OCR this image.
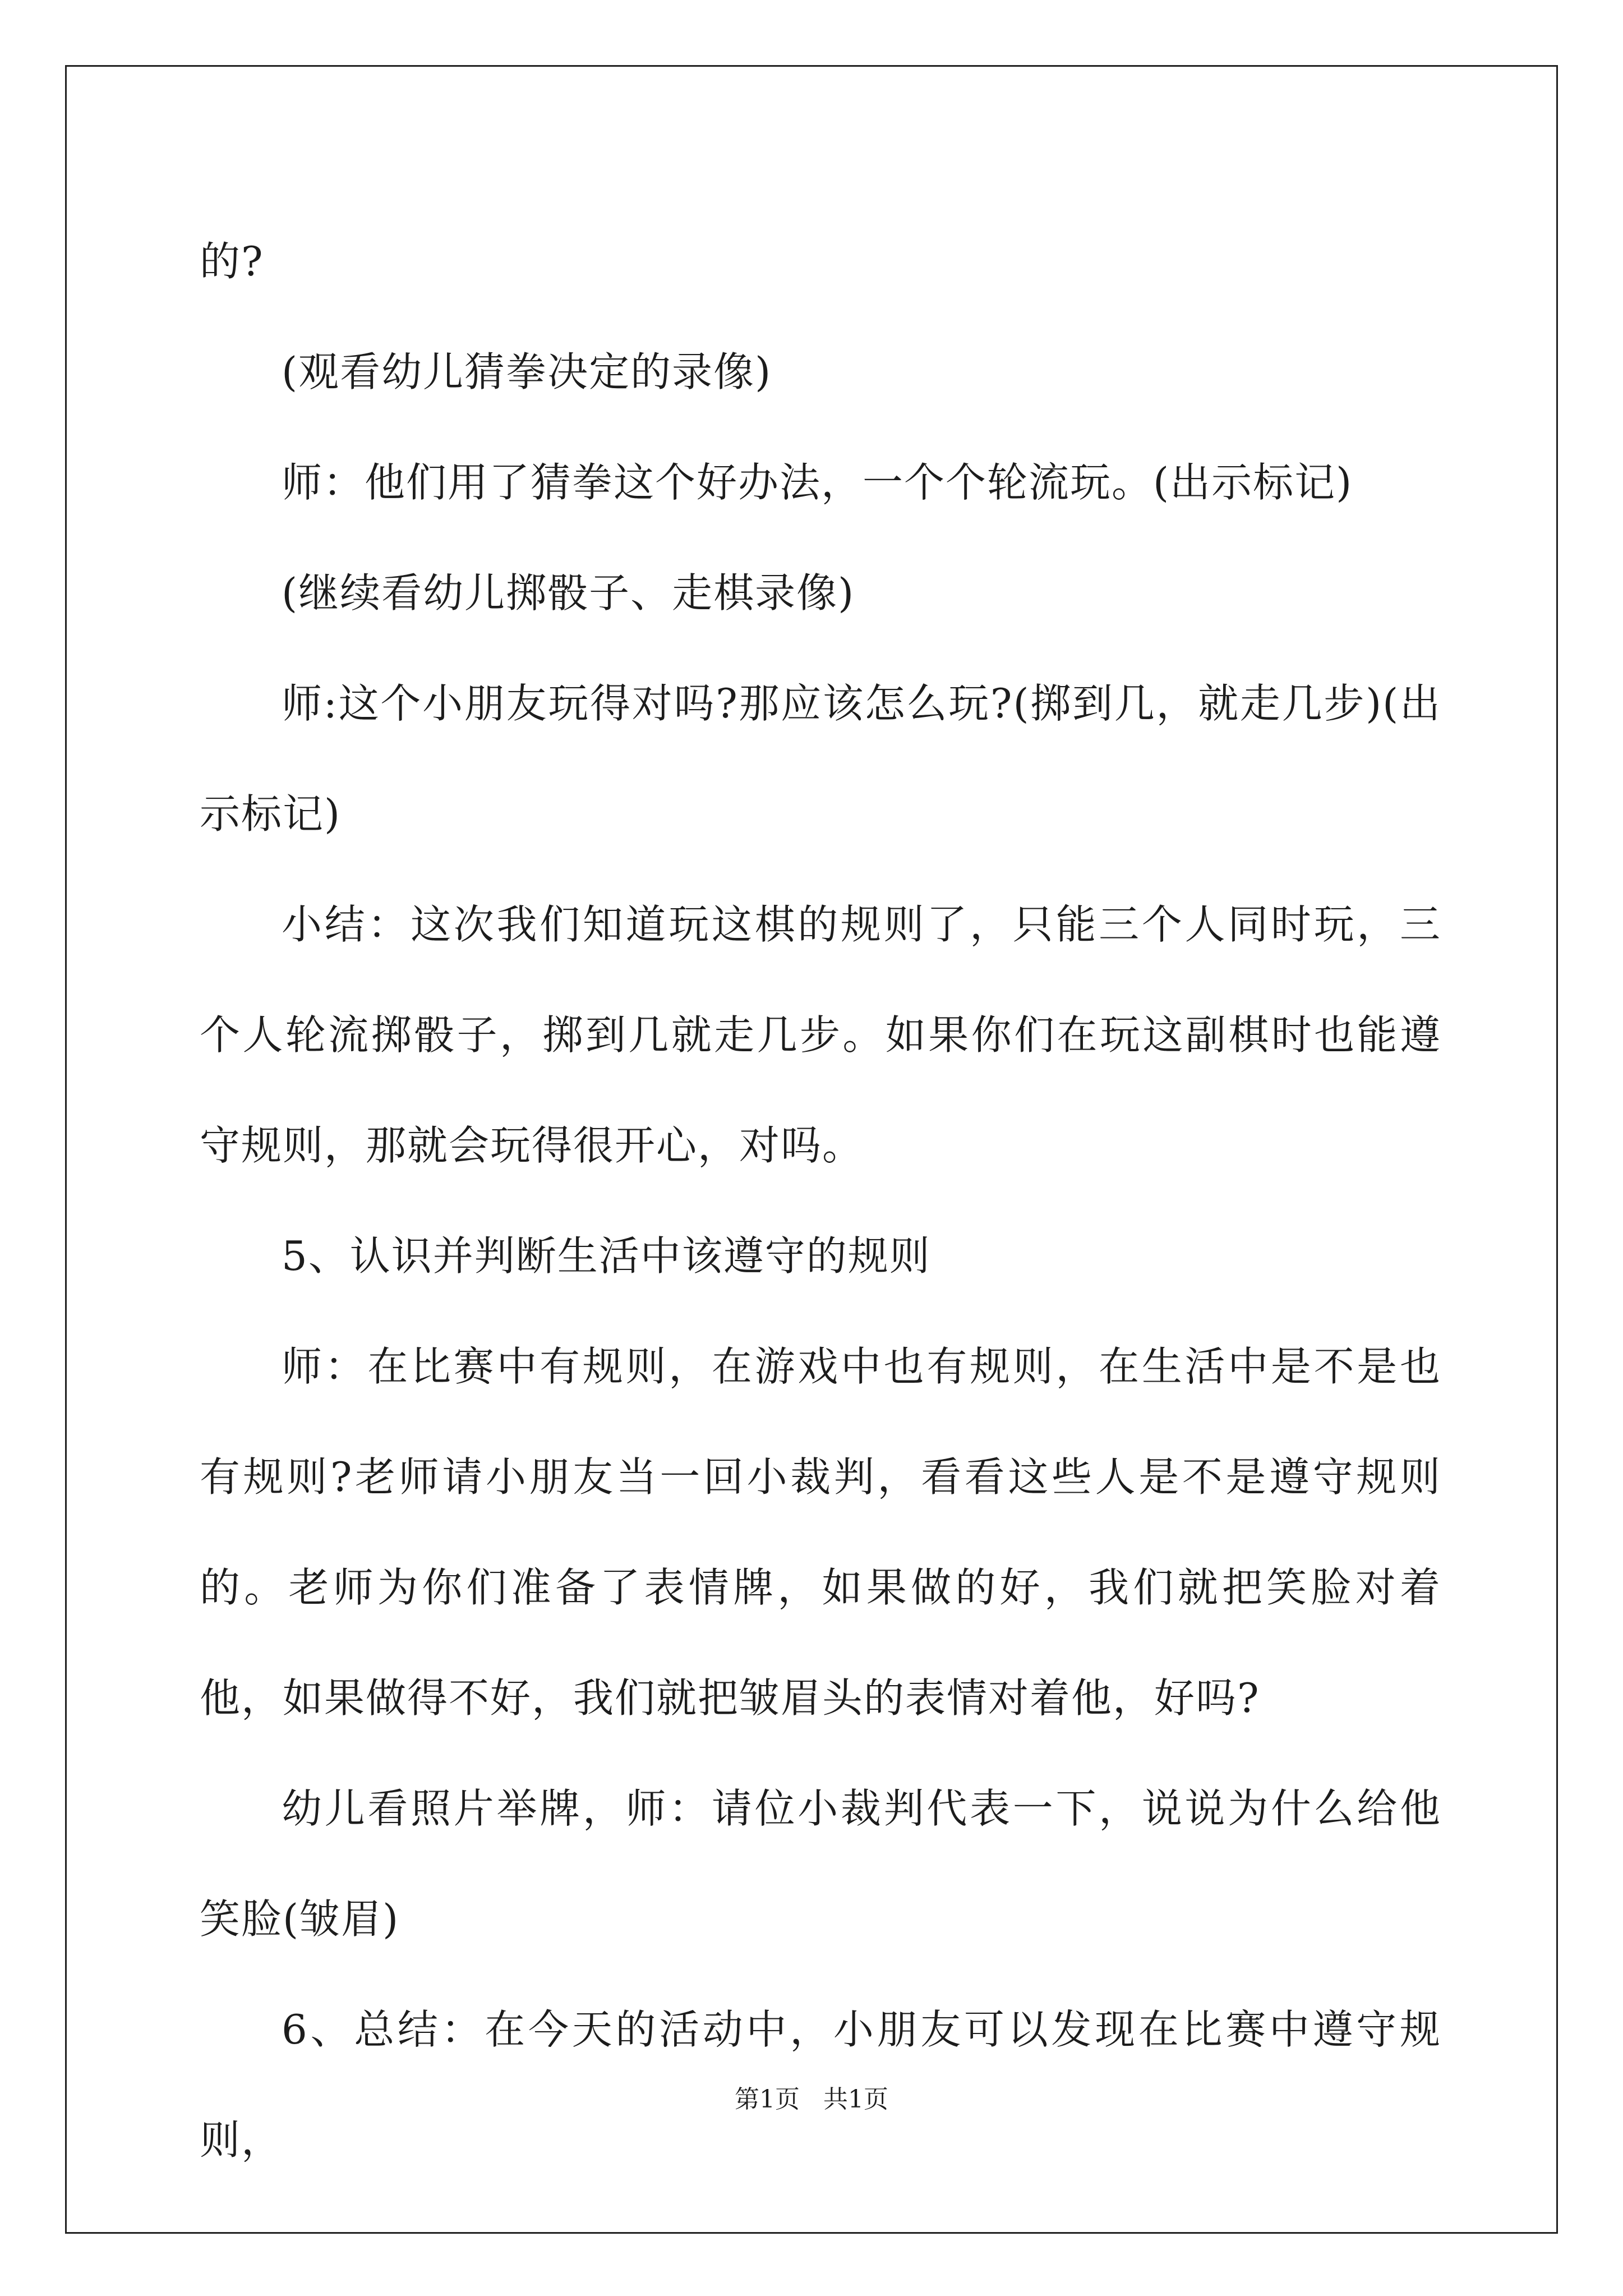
的?

(观看幼儿猜拳决定的录像)

师：他们用了猜拳这个好办法，一个个轮流玩。(出示标记)

(继续看幼儿掷骰子、走棋录像)

师:这个小朋友玩得对吗?那应该怎么玩?(掷到几，就走几步)(出示标记)

小结：这次我们知道玩这棋的规则了，只能三个人同时玩，三个人轮流掷骰子，掷到几就走几步。如果你们在玩这副棋时也能遵守规则，那就会玩得很开心，对吗。

5、认识并判断生活中该遵守的规则

师：在比赛中有规则，在游戏中也有规则，在生活中是不是也有规则?老师请小朋友当一回小裁判，看看这些人是不是遵守规则的。老师为你们准备了表情牌，如果做的好，我们就把笑脸对着他，如果做得不好，我们就把皱眉头的表情对着他，好吗?

幼儿看照片举牌，师：请位小裁判代表一下，说说为什么给他笑脸(皱眉)

6、总结：在今天的活动中，小朋友可以发现在比赛中遵守规则，

第1页   共1页
